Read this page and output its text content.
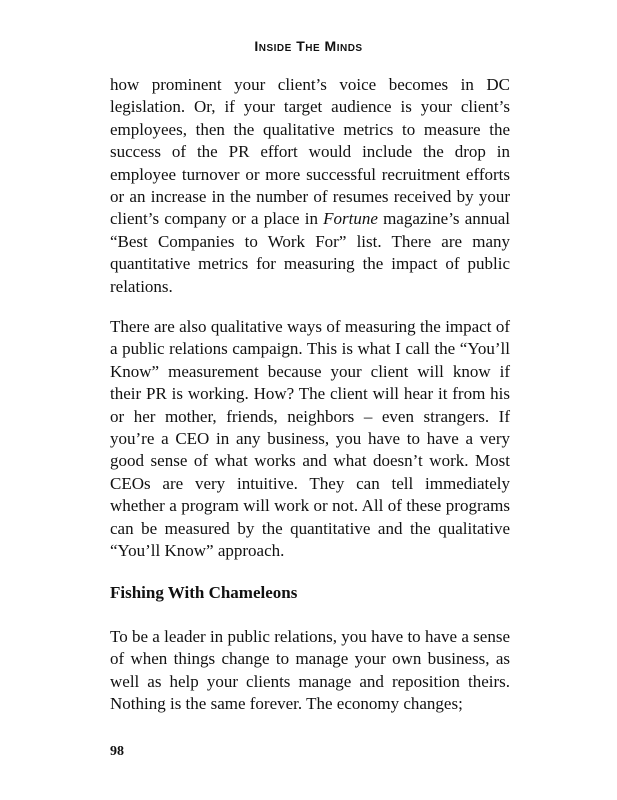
Inside The Minds

how prominent your client’s voice becomes in DC legislation. Or, if your target audience is your client’s employees, then the qualitative metrics to measure the success of the PR effort would include the drop in employee turnover or more successful recruitment efforts or an increase in the number of resumes received by your client’s company or a place in Fortune magazine’s annual “Best Companies to Work For” list. There are many quantitative metrics for measuring the impact of public relations.

There are also qualitative ways of measuring the impact of a public relations campaign. This is what I call the “You’ll Know” measurement because your client will know if their PR is working. How? The client will hear it from his or her mother, friends, neighbors – even strangers. If you’re a CEO in any business, you have to have a very good sense of what works and what doesn’t work. Most CEOs are very intuitive. They can tell immediately whether a program will work or not. All of these programs can be measured by the quantitative and the qualitative “You’ll Know” approach.

Fishing With Chameleons

To be a leader in public relations, you have to have a sense of when things change to manage your own business, as well as help your clients manage and reposition theirs. Nothing is the same forever. The economy changes;

98
